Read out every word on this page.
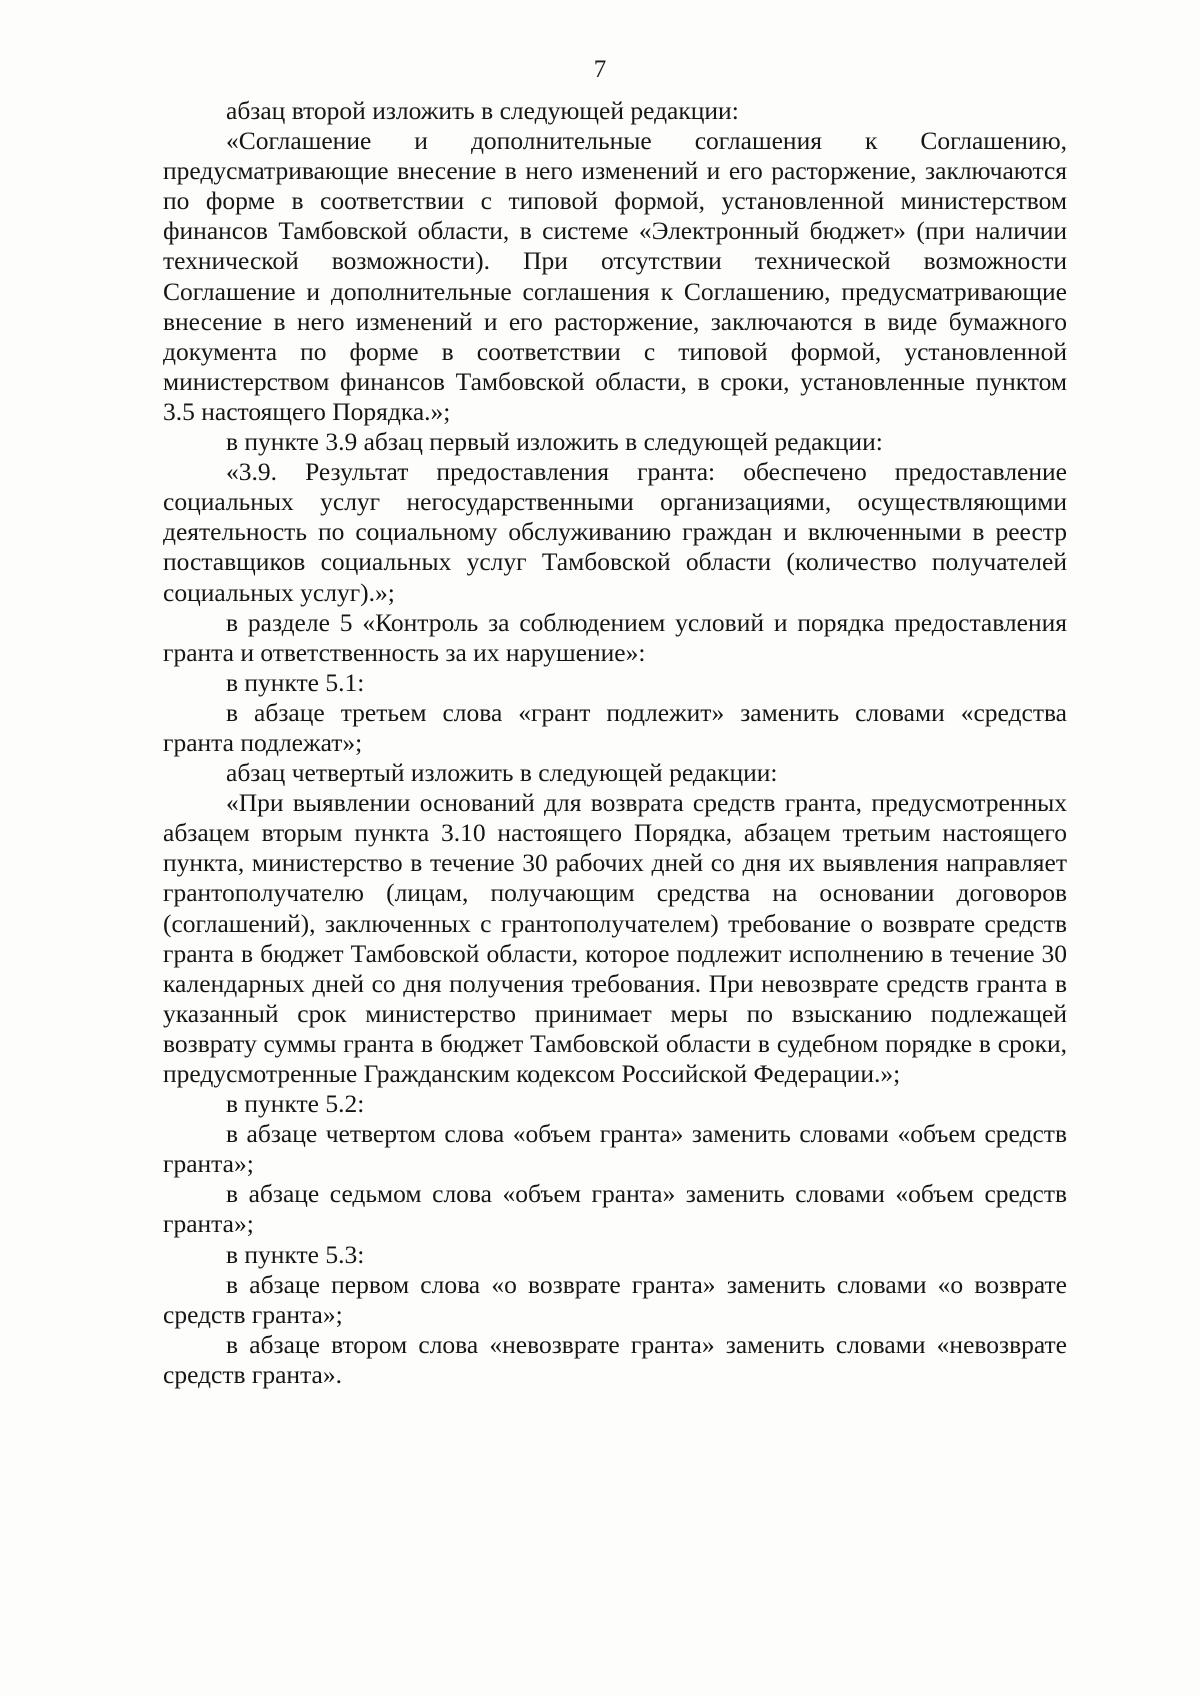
7

абзац второй изложить в следующей редакции:

«Соглашение и дополнительные соглашения к Соглашению, предусматривающие внесение в него изменений и его расторжение, заключаются по форме в соответствии с типовой формой, установленной министерством финансов Тамбовской области, в системе «Электронный бюджет» (при наличии технической возможности). При отсутствии технической возможности Соглашение и дополнительные соглашения к Соглашению, предусматривающие внесение в него изменений и его расторжение, заключаются в виде бумажного документа по форме в соответствии с типовой формой, установленной министерством финансов Тамбовской области, в сроки, установленные пунктом 3.5 настоящего Порядка.»;

в пункте 3.9 абзац первый изложить в следующей редакции:

«3.9. Результат предоставления гранта: обеспечено предоставление социальных услуг негосударственными организациями, осуществляющими деятельность по социальному обслуживанию граждан и включенными в реестр поставщиков социальных услуг Тамбовской области (количество получателей социальных услуг).»;

в разделе 5 «Контроль за соблюдением условий и порядка предоставления гранта и ответственность за их нарушение»:

в пункте 5.1:

в абзаце третьем слова «грант подлежит» заменить словами «средства гранта подлежат»;

абзац четвертый изложить в следующей редакции:

«При выявлении оснований для возврата средств гранта, предусмотренных абзацем вторым пункта 3.10 настоящего Порядка, абзацем третьим настоящего пункта, министерство в течение 30 рабочих дней со дня их выявления направляет грантополучателю (лицам, получающим средства на основании договоров (соглашений), заключенных с грантополучателем) требование о возврате средств гранта в бюджет Тамбовской области, которое подлежит исполнению в течение 30 календарных дней со дня получения требования. При невозврате средств гранта в указанный срок министерство принимает меры по взысканию подлежащей возврату суммы гранта в бюджет Тамбовской области в судебном порядке в сроки, предусмотренные Гражданским кодексом Российской Федерации.»;

в пункте 5.2:

в абзаце четвертом слова «объем гранта» заменить словами «объем средств гранта»;

в абзаце седьмом слова «объем гранта» заменить словами «объем средств гранта»;

в пункте 5.3:

в абзаце первом слова «о возврате гранта» заменить словами «о возврате средств гранта»;

в абзаце втором слова «невозврате гранта» заменить словами «невозврате средств гранта».
